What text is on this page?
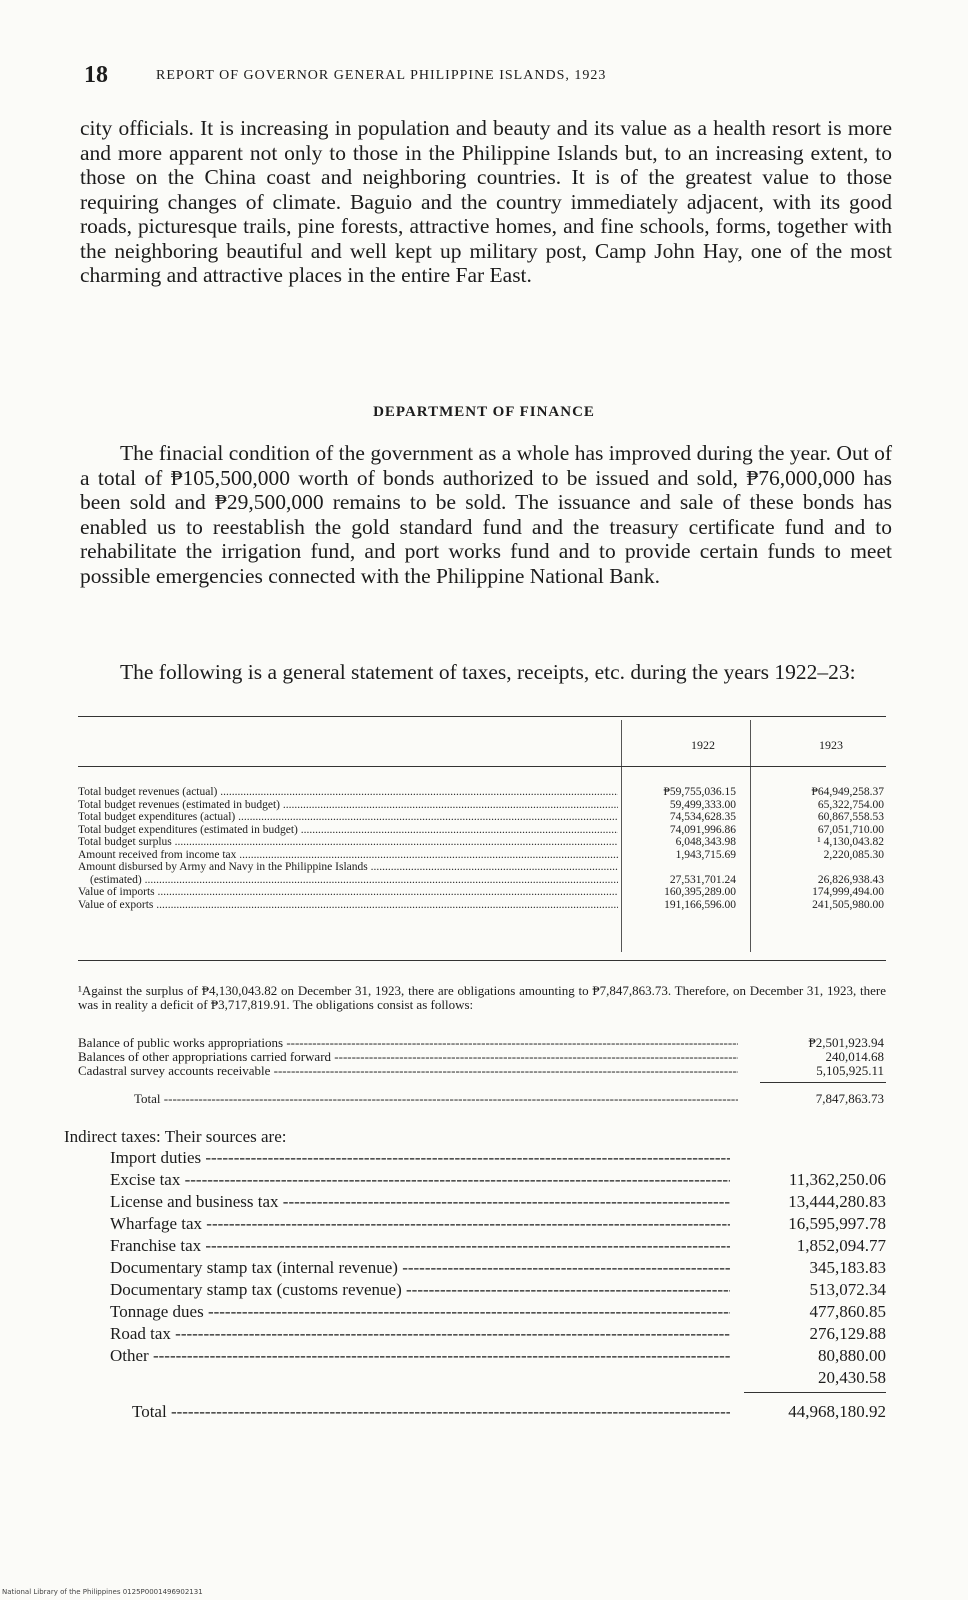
18	REPORT OF GOVERNOR GENERAL PHILIPPINE ISLANDS, 1923
city officials. It is increasing in population and beauty and its value as a health resort is more and more apparent not only to those in the Philippine Islands but, to an increasing extent, to those on the China coast and neighboring countries. It is of the greatest value to those requiring changes of climate. Baguio and the country immediately adjacent, with its good roads, picturesque trails, pine forests, attractive homes, and fine schools, forms, together with the neighboring beautiful and well kept up military post, Camp John Hay, one of the most charming and attractive places in the entire Far East.
DEPARTMENT OF FINANCE
The finacial condition of the government as a whole has improved during the year. Out of a total of ₱105,500,000 worth of bonds authorized to be issued and sold, ₱76,000,000 has been sold and ₱29,500,000 remains to be sold. The issuance and sale of these bonds has enabled us to reestablish the gold standard fund and the treasury certificate fund and to rehabilitate the irrigation fund, and port works fund and to provide certain funds to meet possible emergencies connected with the Philippine National Bank.
The following is a general statement of taxes, receipts, etc. during the years 1922–23:
1922	1923
Total budget revenues (actual) .....	₱59,755,036.15	₱64,949,258.37
Total budget revenues (estimated in budget) .....	59,499,333.00	65,322,754.00
Total budget expenditures (actual) .....	74,534,628.35	60,867,558.53
Total budget expenditures (estimated in budget) .....	74,091,996.86	67,051,710.00
Total budget surplus .....	6,048,343.98	¹ 4,130,043.82
Amount received from income tax .....	1,943,715.69	2,220,085.30
Amount disbursed by Army and Navy in the Philippine Islands .....
(estimated) .....	27,531,701.24	26,826,938.43
Value of imports .....	160,395,289.00	174,999,494.00
Value of exports .....	191,166,596.00	241,505,980.00
¹Against the surplus of ₱4,130,043.82 on December 31, 1923, there are obligations amounting to ₱7,847,863.73. Therefore, on December 31, 1923, there was in reality a deficit of ₱3,717,819.91. The obligations consist as follows:
Balance of public works appropriations -----	₱2,501,923.94
Balances of other appropriations carried forward -----	240,014.68
Cadastral survey accounts receivable -----	5,105,925.11
Total -----	7,847,863.73
Indirect taxes: Their sources are:
Import duties -----
Excise tax -----	11,362,250.06
License and business tax -----	13,444,280.83
Wharfage tax -----	16,595,997.78
Franchise tax -----	1,852,094.77
Documentary stamp tax (internal revenue) -----	345,183.83
Documentary stamp tax (customs revenue) -----	513,072.34
Tonnage dues -----	477,860.85
Road tax -----	276,129.88
Other -----	80,880.00
20,430.58
Total -----	44,968,180.92
National Library of the Philippines 0125P0001496902131
